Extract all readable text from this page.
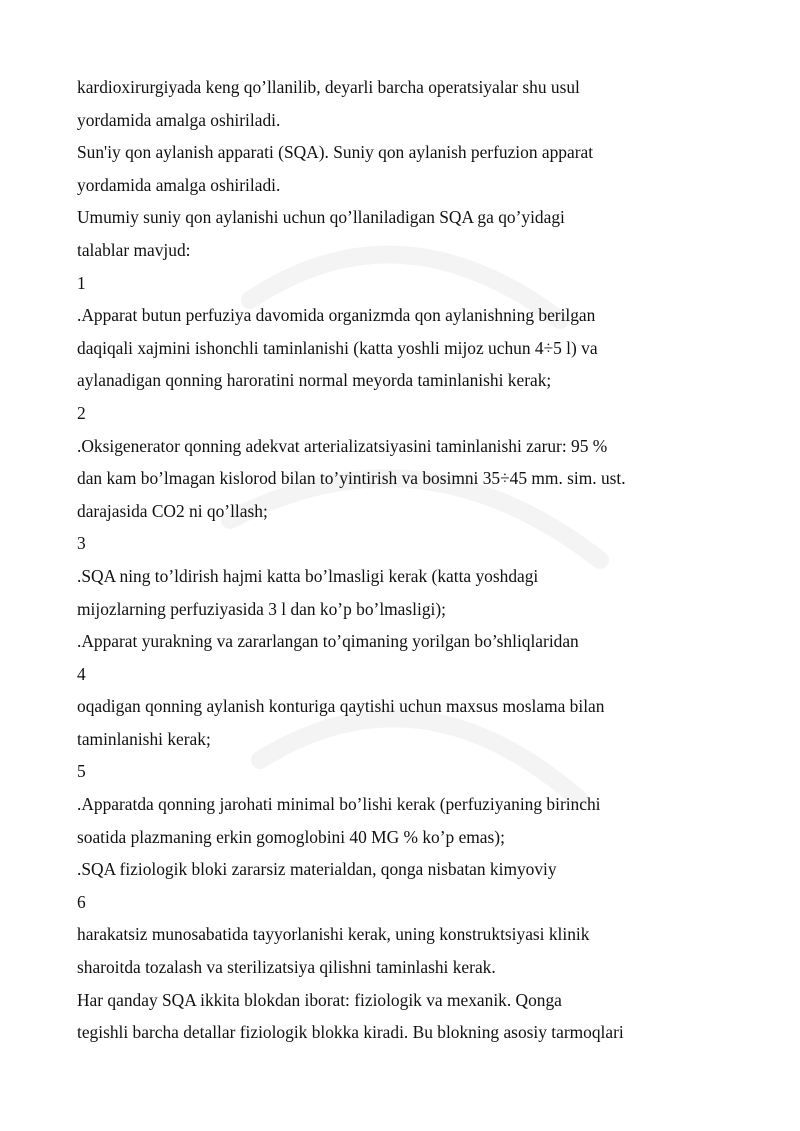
kardioxirurgiyada keng qo’llanilib, deyarli barcha operatsiyalar shu usul
yordamida amalga oshiriladi.
Sun'iy qon aylanish apparati (SQA). Suniy qon aylanish perfuzion apparat
yordamida amalga oshiriladi.
Umumiy suniy qon aylanishi uchun qo’llaniladigan SQA ga qo’yidagi
talablar mavjud:
1
.Apparat butun perfuziya davomida organizmda qon aylanishning berilgan
daqiqali xajmini ishonchli taminlanishi (katta yoshli mijoz uchun 4÷5 l) va
aylanadigan qonning haroratini normal meyorda taminlanishi kerak;
2
.Oksigenerator qonning adekvat arterializatsiyasini taminlanishi zarur: 95 %
dan kam bo’lmagan kislorod bilan to’yintirish va bosimni 35÷45 mm. sim. ust.
darajasida CO2 ni qo’llash;
3
.SQA ning to’ldirish hajmi katta bo’lmasligi kerak (katta yoshdagi
mijozlarning perfuziyasida 3 l dan ko’p bo’lmasligi);
.Apparat yurakning va zararlangan to’qimaning yorilgan bo’shliqlaridan
4
oqadigan qonning aylanish konturiga qaytishi uchun maxsus moslama bilan
taminlanishi kerak;
5
.Apparatda qonning jarohati minimal bo’lishi kerak (perfuziyaning birinchi
soatida plazmaning erkin gomoglobini 40 MG % ko’p emas);
.SQA fiziologik bloki zararsiz materialdan, qonga nisbatan kimyoviy
6
harakatsiz munosabatida tayyorlanishi kerak, uning konstruktsiyasi klinik
sharoitda tozalash va sterilizatsiya qilishni taminlashi kerak.
Har qanday SQA ikkita blokdan iborat: fiziologik va mexanik. Qonga
tegishli barcha detallar fiziologik blokka kiradi. Bu blokning asosiy tarmoqlari
